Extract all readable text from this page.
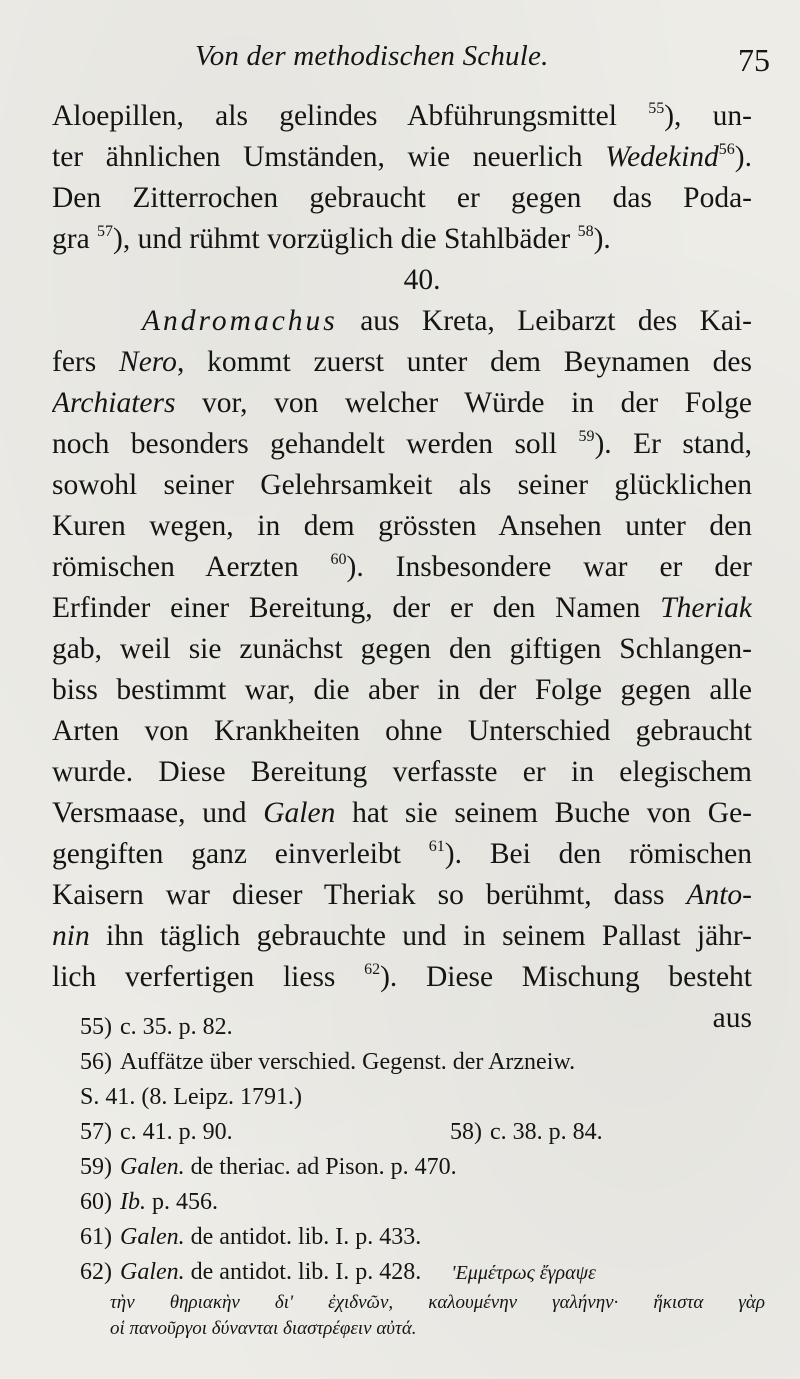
Von der methodischen Schule.	75
Aloepillen, als gelindes Abführungsmittel $^{55}$), un-
ter ähnlichen Umständen, wie neuerlich Wedekind$^{56}$).
Den Zitterrochen gebraucht er gegen das Poda-
gra $^{57}$), und rühmt vorzüglich die Stahlbäder $^{58}$).
40.
Andromachus aus Kreta, Leibarzt des Kai-
fers Nero, kommt zuerst unter dem Beynamen des
Archiaters vor, von welcher Würde in der Folge
noch besonders gehandelt werden soll $^{59}$). Er stand,
sowohl seiner Gelehrsamkeit als seiner glücklichen
Kuren wegen, in dem grössten Ansehen unter den
römischen Aerzten $^{60}$). Insbesondere war er der
Erfinder einer Bereitung, der er den Namen Theriak
gab, weil sie zunächst gegen den giftigen Schlangen-
biss bestimmt war, die aber in der Folge gegen alle
Arten von Krankheiten ohne Unterschied gebraucht
wurde. Diese Bereitung verfasste er in elegischem
Versmaase, und Galen hat sie seinem Buche von Ge-
gengiften ganz einverleibt $^{61}$). Bei den römischen
Kaisern war dieser Theriak so berühmt, dass Anto-
nin ihn täglich gebrauchte und in seinem Pallast jähr-
lich verfertigen liess $^{62}$). Diese Mischung besteht
aus
55) c. 35. p. 82.
56) Auffätze über verschied. Gegenst. der Arzneiw.
S. 41. (8. Leipz. 1791.)
57) c. 41. p. 90.	58) c. 38. p. 84.
59) Galen. de theriac. ad Pison. p. 470.
60) Ib. p. 456.
61) Galen. de antidot. lib. I. p. 433.
62) Galen. de antidot. lib. I. p. 428. 'Εμμέτρως ἔγραψε
τὴν θηριακὴν δι' ἐχιδνῶν, καλουμένην γαλήνην· ἥκιστα γὰρ
οἱ πανοῦργοι δύνανται διαστρέφειν αὐτά.
